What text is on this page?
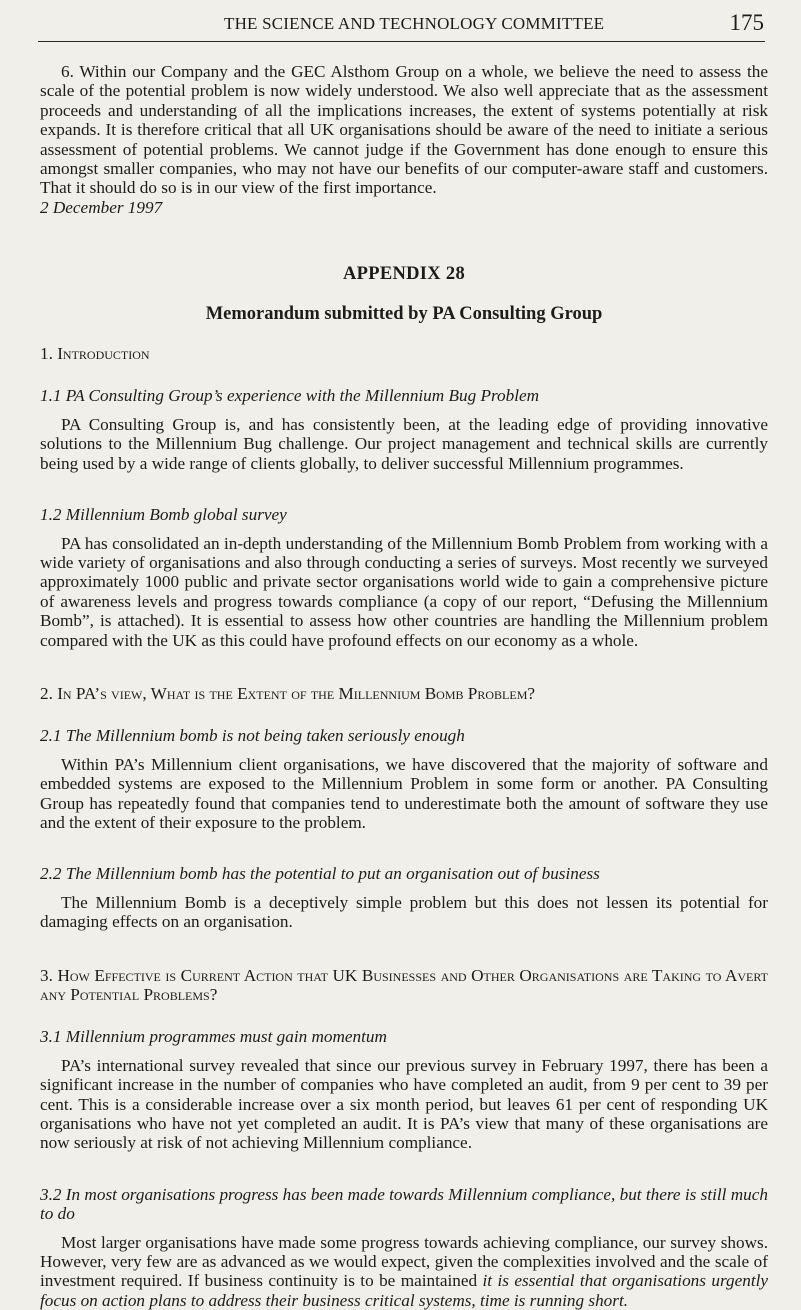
THE SCIENCE AND TECHNOLOGY COMMITTEE	175

6. Within our Company and the GEC Alsthom Group on a whole, we believe the need to assess the scale of the potential problem is now widely understood. We also well appreciate that as the assessment proceeds and understanding of all the implications increases, the extent of systems potentially at risk expands. It is therefore critical that all UK organisations should be aware of the need to initiate a serious assessment of potential problems. We cannot judge if the Government has done enough to ensure this amongst smaller companies, who may not have our benefits of our computer-aware staff and customers. That it should do so is in our view of the first importance.

2 December 1997

APPENDIX 28

Memorandum submitted by PA Consulting Group

1. Introduction

1.1 PA Consulting Group’s experience with the Millennium Bug Problem

PA Consulting Group is, and has consistently been, at the leading edge of providing innovative solutions to the Millennium Bug challenge. Our project management and technical skills are currently being used by a wide range of clients globally, to deliver successful Millennium programmes.

1.2 Millennium Bomb global survey

PA has consolidated an in-depth understanding of the Millennium Bomb Problem from working with a wide variety of organisations and also through conducting a series of surveys. Most recently we surveyed approximately 1000 public and private sector organisations world wide to gain a comprehensive picture of awareness levels and progress towards compliance (a copy of our report, “Defusing the Millennium Bomb”, is attached). It is essential to assess how other countries are handling the Millennium problem compared with the UK as this could have profound effects on our economy as a whole.

2. In PA’s view, What is the Extent of the Millennium Bomb Problem?

2.1 The Millennium bomb is not being taken seriously enough

Within PA’s Millennium client organisations, we have discovered that the majority of software and embedded systems are exposed to the Millennium Problem in some form or another. PA Consulting Group has repeatedly found that companies tend to underestimate both the amount of software they use and the extent of their exposure to the problem.

2.2 The Millennium bomb has the potential to put an organisation out of business

The Millennium Bomb is a deceptively simple problem but this does not lessen its potential for damaging effects on an organisation.

3. How Effective is Current Action that UK Businesses and Other Organisations are Taking to Avert any Potential Problems?

3.1 Millennium programmes must gain momentum

PA’s international survey revealed that since our previous survey in February 1997, there has been a significant increase in the number of companies who have completed an audit, from 9 per cent to 39 per cent. This is a considerable increase over a six month period, but leaves 61 per cent of responding UK organisations who have not yet completed an audit. It is PA’s view that many of these organisations are now seriously at risk of not achieving Millennium compliance.

3.2 In most organisations progress has been made towards Millennium compliance, but there is still much to do

Most larger organisations have made some progress towards achieving compliance, our survey shows. However, very few are as advanced as we would expect, given the complexities involved and the scale of investment required. If business continuity is to be maintained it is essential that organisations urgently focus on action plans to address their business critical systems, time is running short.
